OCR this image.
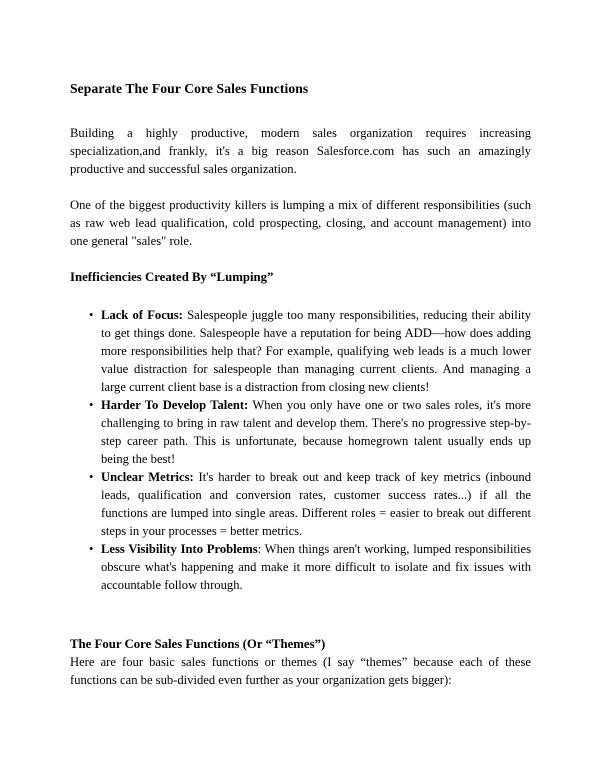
Separate The Four Core Sales Functions

Building a highly productive, modern sales organization requires increasing specialization,and frankly, it's a big reason Salesforce.com has such an amazingly productive and successful sales organization.

One of the biggest productivity killers is lumping a mix of different responsibilities (such as raw web lead qualification, cold prospecting, closing, and account management) into one general "sales" role.

Inefficiencies Created By “Lumping”
• Lack of Focus: Salespeople juggle too many responsibilities, reducing their ability to get things done. Salespeople have a reputation for being ADD—how does adding more responsibilities help that? For example, qualifying web leads is a much lower value distraction for salespeople than managing current clients. And managing a large current client base is a distraction from closing new clients!
• Harder To Develop Talent: When you only have one or two sales roles, it's more challenging to bring in raw talent and develop them. There's no progressive step-by-step career path. This is unfortunate, because homegrown talent usually ends up being the best!
• Unclear Metrics: It's harder to break out and keep track of key metrics (inbound leads, qualification and conversion rates, customer success rates...) if all the functions are lumped into single areas. Different roles = easier to break out different steps in your processes = better metrics.
• Less Visibility Into Problems: When things aren't working, lumped responsibilities obscure what's happening and make it more difficult to isolate and fix issues with accountable follow through.
The Four Core Sales Functions (Or “Themes”)

Here are four basic sales functions or themes (I say “themes” because each of these functions can be sub-divided even further as your organization gets bigger):
